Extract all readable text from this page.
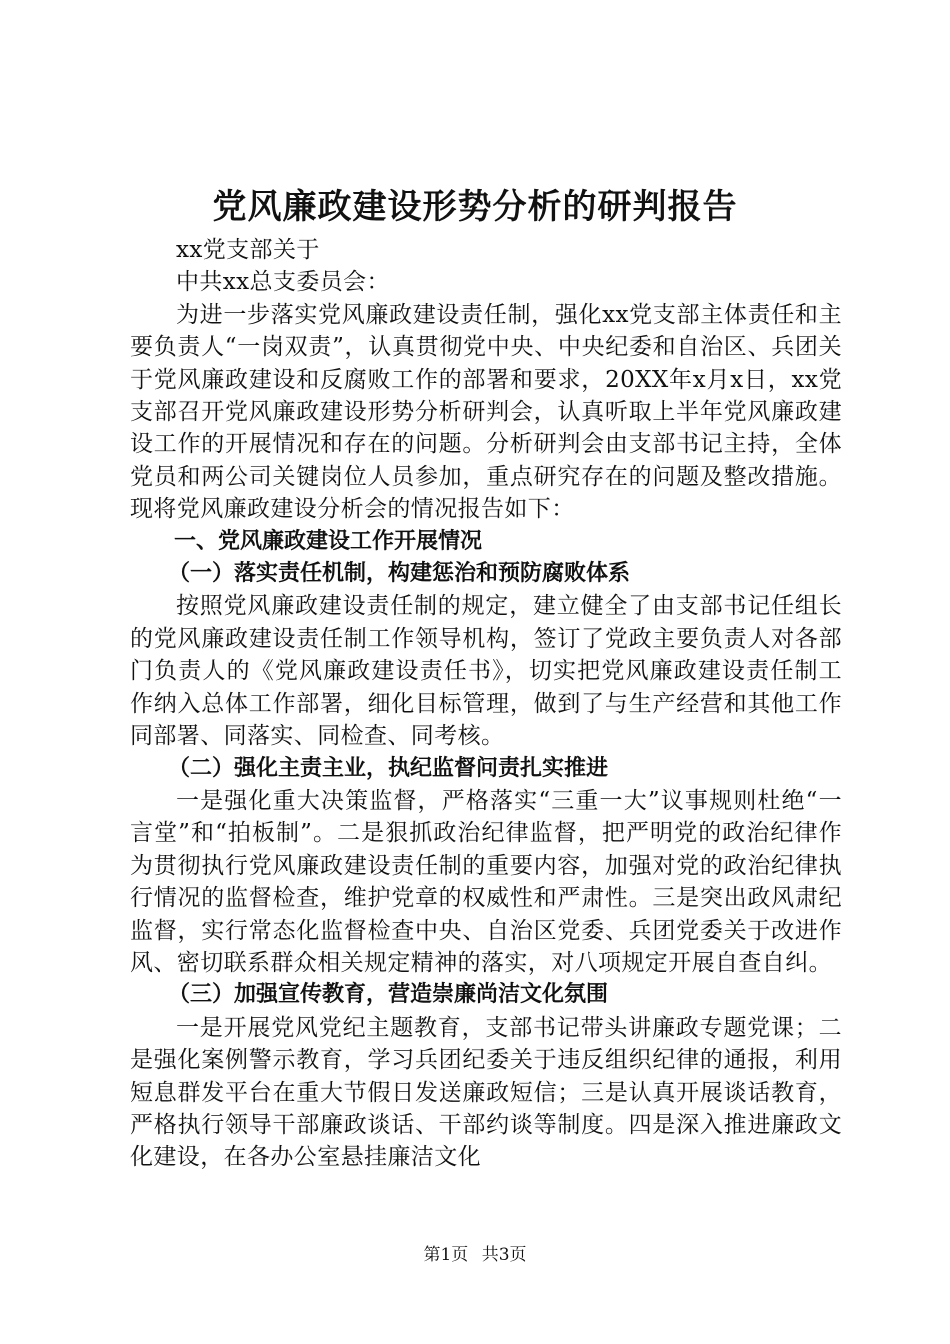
党风廉政建设形势分析的研判报告

xx党支部关于

中共xx总支委员会：

为进一步落实党风廉政建设责任制，强化xx党支部主体责任和主要负责人“一岗双责”，认真贯彻党中央、中央纪委和自治区、兵团关于党风廉政建设和反腐败工作的部署和要求，20XX年x月x日，xx党支部召开党风廉政建设形势分析研判会，认真听取上半年党风廉政建设工作的开展情况和存在的问题。分析研判会由支部书记主持，全体党员和两公司关键岗位人员参加，重点研究存在的问题及整改措施。现将党风廉政建设分析会的情况报告如下：

一、党风廉政建设工作开展情况

（一）落实责任机制，构建惩治和预防腐败体系

按照党风廉政建设责任制的规定，建立健全了由支部书记任组长的党风廉政建设责任制工作领导机构，签订了党政主要负责人对各部门负责人的《党风廉政建设责任书》，切实把党风廉政建设责任制工作纳入总体工作部署，细化目标管理，做到了与生产经营和其他工作同部署、同落实、同检查、同考核。

（二）强化主责主业，执纪监督问责扎实推进

一是强化重大决策监督，严格落实“三重一大”议事规则杜绝“一言堂”和“拍板制”。二是狠抓政治纪律监督，把严明党的政治纪律作为贯彻执行党风廉政建设责任制的重要内容，加强对党的政治纪律执行情况的监督检查，维护党章的权威性和严肃性。三是突出政风肃纪监督，实行常态化监督检查中央、自治区党委、兵团党委关于改进作风、密切联系群众相关规定精神的落实，对八项规定开展自查自纠。

（三）加强宣传教育，营造崇廉尚洁文化氛围

一是开展党风党纪主题教育，支部书记带头讲廉政专题党课；二是强化案例警示教育，学习兵团纪委关于违反组织纪律的通报，利用短息群发平台在重大节假日发送廉政短信；三是认真开展谈话教育，严格执行领导干部廉政谈话、干部约谈等制度。四是深入推进廉政文化建设，在各办公室悬挂廉洁文化

第1页 共3页
